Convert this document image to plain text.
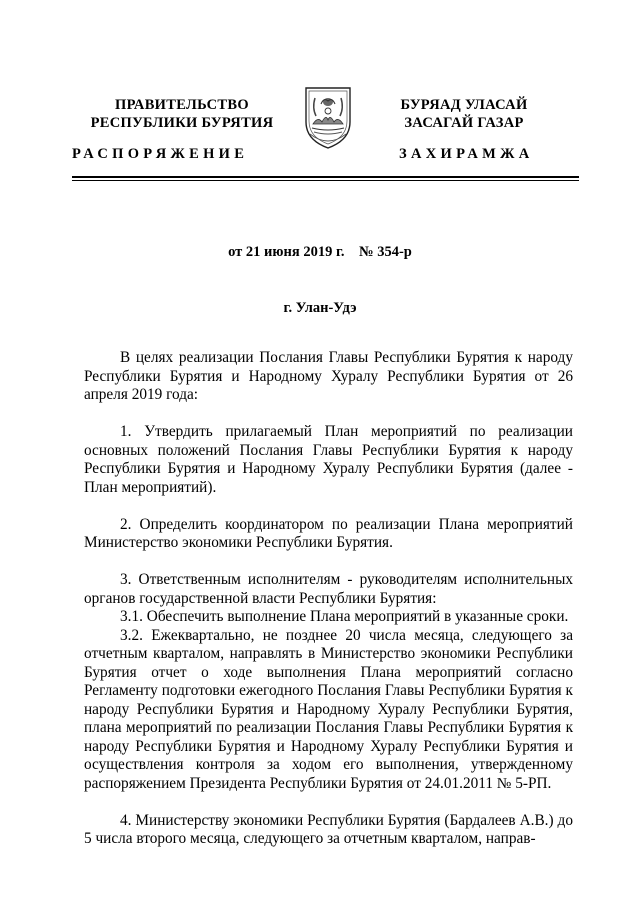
ПРАВИТЕЛЬСТВО
РЕСПУБЛИКИ БУРЯТИЯ
БУРЯАД УЛАСАЙ
ЗАСАГАЙ ГАЗАР
РАСПОРЯЖЕНИЕ	ЗАХИРАМЖА
от 21 июня 2019 г.    № 354-р
г. Улан-Удэ

В целях реализации Послания Главы Республики Бурятия к народу Республики Бурятия и Народному Хуралу Республики Бурятия от 26 апреля 2019 года:

1. Утвердить прилагаемый План мероприятий по реализации основных положений Послания Главы Республики Бурятия к народу Республики Бурятия и Народному Хуралу Республики Бурятия (далее - План мероприятий).

2. Определить координатором по реализации Плана мероприятий Министерство экономики Республики Бурятия.

3. Ответственным исполнителям - руководителям исполнительных органов государственной власти Республики Бурятия:

3.1. Обеспечить выполнение Плана мероприятий в указанные сроки.

3.2. Ежеквартально, не позднее 20 числа месяца, следующего за отчетным кварталом, направлять в Министерство экономики Республики Бурятия отчет о ходе выполнения Плана мероприятий согласно Регламенту подготовки ежегодного Послания Главы Республики Бурятия к народу Республики Бурятия и Народному Хуралу Республики Бурятия, плана мероприятий по реализации Послания Главы Республики Бурятия к народу Республики Бурятия и Народному Хуралу Республики Бурятия и осуществления контроля за ходом его выполнения, утвержденному распоряжением Президента Республики Бурятия от 24.01.2011 № 5-РП.

4. Министерству экономики Республики Бурятия (Бардалеев А.В.) до 5 числа второго месяца, следующего за отчетным кварталом, направ-
